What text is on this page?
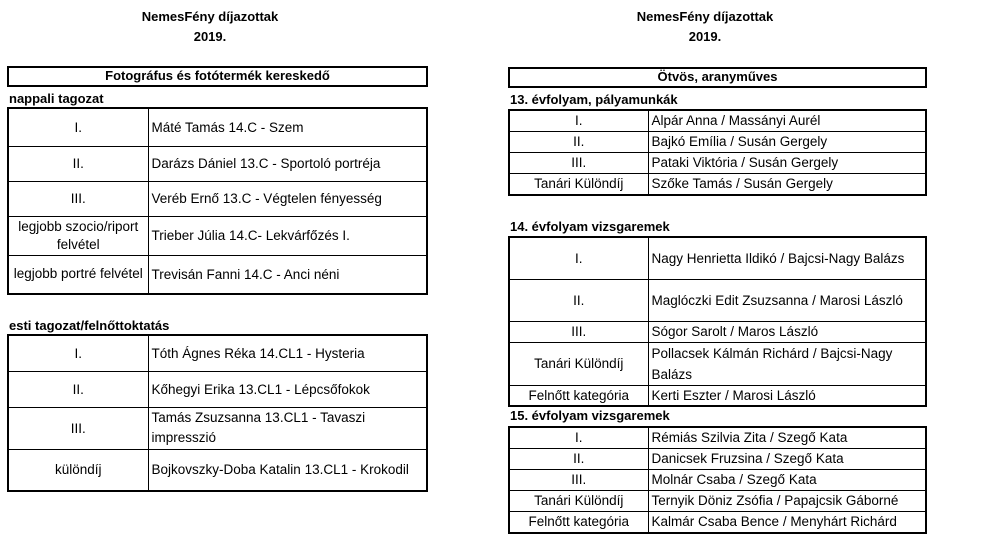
NemesFény díjazottak
2019.
Fotográfus és fotótermék kereskedő
nappali tagozat
I.	Máté Tamás 14.C - Szem
II.	Darázs Dániel 13.C - Sportoló portréja
III.	Veréb Ernő 13.C - Végtelen fényesség
legjobb szocio/riport felvétel	Trieber Júlia 14.C- Lekvárfőzés I.
legjobb portré felvétel	Trevisán Fanni 14.C - Anci néni
esti tagozat/felnőttoktatás
I.	Tóth Ágnes Réka 14.CL1 - Hysteria
II.	Kőhegyi Erika 13.CL1 - Lépcsőfokok
III.	Tamás Zsuzsanna 13.CL1 - Tavaszi impresszió
különdíj	Bojkovszky-Doba Katalin 13.CL1 - Krokodil
NemesFény díjazottak
2019.
Ötvös, aranyműves
13. évfolyam, pályamunkák
I.	Alpár Anna / Massányi Aurél
II.	Bajkó Emília / Susán Gergely
III.	Pataki Viktória / Susán Gergely
Tanári Különdíj	Szőke Tamás / Susán Gergely
14. évfolyam vizsgaremek
I.	Nagy Henrietta Ildikó / Bajcsi-Nagy Balázs
II.	Maglóczki Edit Zsuzsanna / Marosi László
III.	Sógor Sarolt / Maros László
Tanári Különdíj	Pollacsek Kálmán Richárd / Bajcsi-Nagy Balázs
Felnőtt kategória	Kerti Eszter / Marosi László
15. évfolyam vizsgaremek
I.	Rémiás Szilvia Zita / Szegő Kata
II.	Danicsek Fruzsina / Szegő Kata
III.	Molnár Csaba / Szegő Kata
Tanári Különdíj	Ternyik Döniz Zsófia / Papajcsik Gáborné
Felnőtt kategória	Kalmár Csaba Bence / Menyhárt Richárd
